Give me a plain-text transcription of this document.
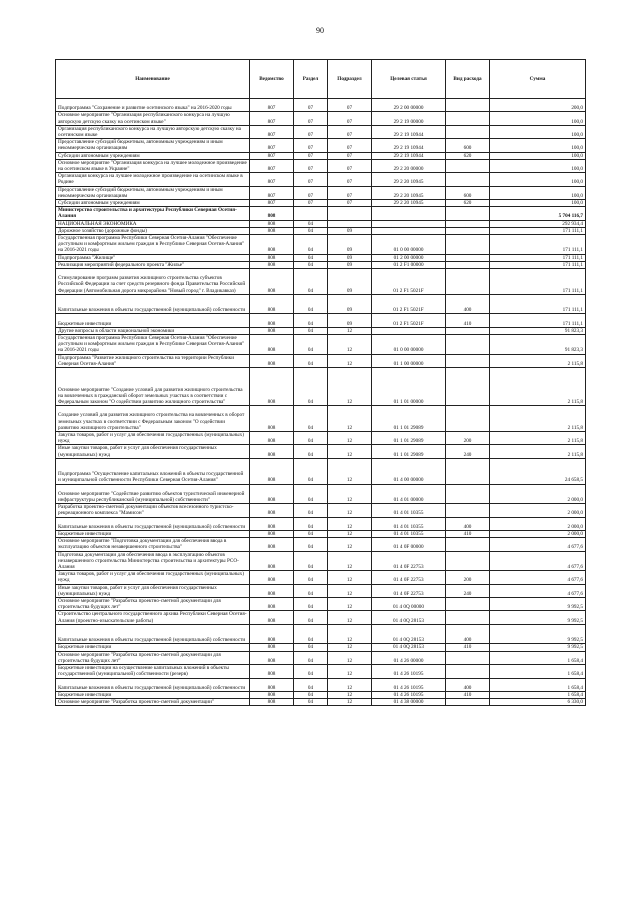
90
Наименование	Ведомство	Раздел	Подраздел	Целевая статья	Вид расхода	Сумма
Подпрограмма "Сохранение и развитие осетинского языка" на 2016-2020 годы	807	07	07	29 2 00 00000		200,0
Основное мероприятие "Организация республиканского конкурса на лучшую авторскую детскую сказку на осетинском языке"	807	07	07	29 2 19 00000		100,0
Организация республиканского конкурса на лучшую авторскую детскую сказку на осетинском языке	807	07	07	29 2 19 10944		100,0
Предоставление субсидий бюджетным, автономным учреждениям и иным некоммерческим организациям	807	07	07	29 2 19 10944	600	100,0
Субсидии автономным учреждениям	807	07	07	29 2 19 10944	620	100,0
Основное мероприятие "Организация конкурса на лучшее молодежное произведение на осетинском языке в Украине"	807	07	07	29 2 20 00000		100,0
Организация конкурса на лучшее молодежное произведение на осетинском языке в Родине	807	07	07	29 2 20 10945		100,0
Предоставление субсидий бюджетным, автономным учреждениям и иным некоммерческим организациям	807	07	07	29 2 20 10945	600	100,0
Субсидии автономным учреждениям	807	07	07	29 2 20 10945	620	100,0
Министерство строительства и архитектуры Республики Северная Осетия-Алания	808					5 704 116,7
НАЦИОНАЛЬНАЯ ЭКОНОМИКА	808	04				292 934,4
Дорожное хозяйство (дорожные фонды)	808	04	09			171 111,1
Государственная программа Республики Северная Осетия-Алания "Обеспечение доступным и комфортным жильем граждан в Республике Северная Осетия-Алания" на 2016-2021 годы	808	04	09	01 0 00 00000		171 111,1
Подпрограмма "Жилище"	808	04	09	01 2 00 00000		171 111,1
Реализация мероприятий федерального проекта "Жилье"	808	04	09	01 2 F1 00000		171 111,1
Стимулирование программ развития жилищного строительства субъектов Российской Федерации за счет средств резервного фонда Правительства Российской Федерации (Автомобильная дорога микрорайона "Новый город" г. Владикавказ)	808	04	09	01 2 F1 5021F		171 111,1
Капитальные вложения в объекты государственной (муниципальной) собственности	808	04	09	01 2 F1 5021F	400	171 111,1
Бюджетные инвестиции	808	04	09	01 2 F1 5021F	410	171 111,1
Другие вопросы в области национальной экономики	808	04	12			91 823,3
Государственная программа Республики Северная Осетия-Алания "Обеспечение доступным и комфортным жильем граждан в Республике Северная Осетия-Алания" на 2016-2021 годы	808	04	12	01 0 00 00000		91 823,3
Подпрограмма "Развитие жилищного строительства на территории Республики Северная Осетия-Алания"	808	04	12	01 1 00 00000		2 115,8
Основное мероприятие "Создание условий для развития жилищного строительства на вовлеченных в гражданский оборот земельных участках в соответствии с Федеральным законом "О содействии развитию жилищного строительства"	808	04	12	01 1 01 00000		2 115,8
Создание условий для развития жилищного строительства на вовлеченных в оборот земельных участках в соответствии с Федеральным законом "О содействии развитию жилищного строительства"	808	04	12	01 1 01 29089		2 115,8
Закупка товаров, работ и услуг для обеспечения государственных (муниципальных) нужд	808	04	12	01 1 01 29089	200	2 115,8
Иные закупки товаров, работ и услуг для обеспечения государственных (муниципальных) нужд	808	04	12	01 1 01 29089	240	2 115,8
Подпрограмма "Осуществление капитальных вложений в объекты государственной и муниципальной собственности Республики Северная Осетия-Алания"	808	04	12	01 4 00 00000		24 658,5
Основное мероприятие "Содействие развитию объектов туристической инженерной инфраструктуры республиканской (муниципальной) собственности"	808	04	12	01 4 01 00000		2 000,0
Разработка проектно-сметной документации объектов всесезонного туристско-рекреационного комплекса "Мамисон"	808	04	12	01 4 01 10355		2 000,0
Капитальные вложения в объекты государственной (муниципальной) собственности	808	04	12	01 4 01 10355	400	2 000,0
Бюджетные инвестиции	808	04	12	01 4 01 10355	410	2 000,0
Основное мероприятие "Подготовка документации для обеспечения ввода в эксплуатацию объектов незавершенного строительства"	808	04	12	01 4 0F 00000		4 677,6
Подготовка документации для обеспечения ввода в эксплуатацию объектов незавершенного строительства Министерства строительства и архитектуры РСО-Алания	808	04	12	01 4 0F 22753		4 677,6
Закупка товаров, работ и услуг для обеспечения государственных (муниципальных) нужд	808	04	12	01 4 0F 22753	200	4 677,6
Иные закупки товаров, работ и услуг для обеспечения государственных (муниципальных) нужд	808	04	12	01 4 0F 22753	240	4 677,6
Основное мероприятие "Разработка проектно-сметной документации для строительства будущих лет"	808	04	12	01 4 0Q 00000		9 992,5
Строительство центрального государственного архива Республики Северная Осетия-Алания (проектно-изыскательские работы)	808	04	12	01 4 0Q 28153		9 992,5
Капитальные вложения в объекты государственной (муниципальной) собственности	808	04	12	01 4 0Q 28153	400	9 992,5
Бюджетные инвестиции	808	04	12	01 4 0Q 28153	410	9 992,5
Основное мероприятие "Разработка проектно-сметной документации для строительства будущих лет"	808	04	12	01 4 26 00000		1 658,4
Бюджетные инвестиции на осуществление капитальных вложений в объекты государственной (муниципальной) собственности (резерв)	808	04	12	01 4 26 10195		1 658,4
Капитальные вложения в объекты государственной (муниципальной) собственности	808	04	12	01 4 26 10195	400	1 658,4
Бюджетные инвестиции	808	04	12	01 4 26 10195	410	1 658,4
Основное мероприятие "Разработка проектно-сметной документации"	808	04	12	01 4 38 00000		6 330,0
